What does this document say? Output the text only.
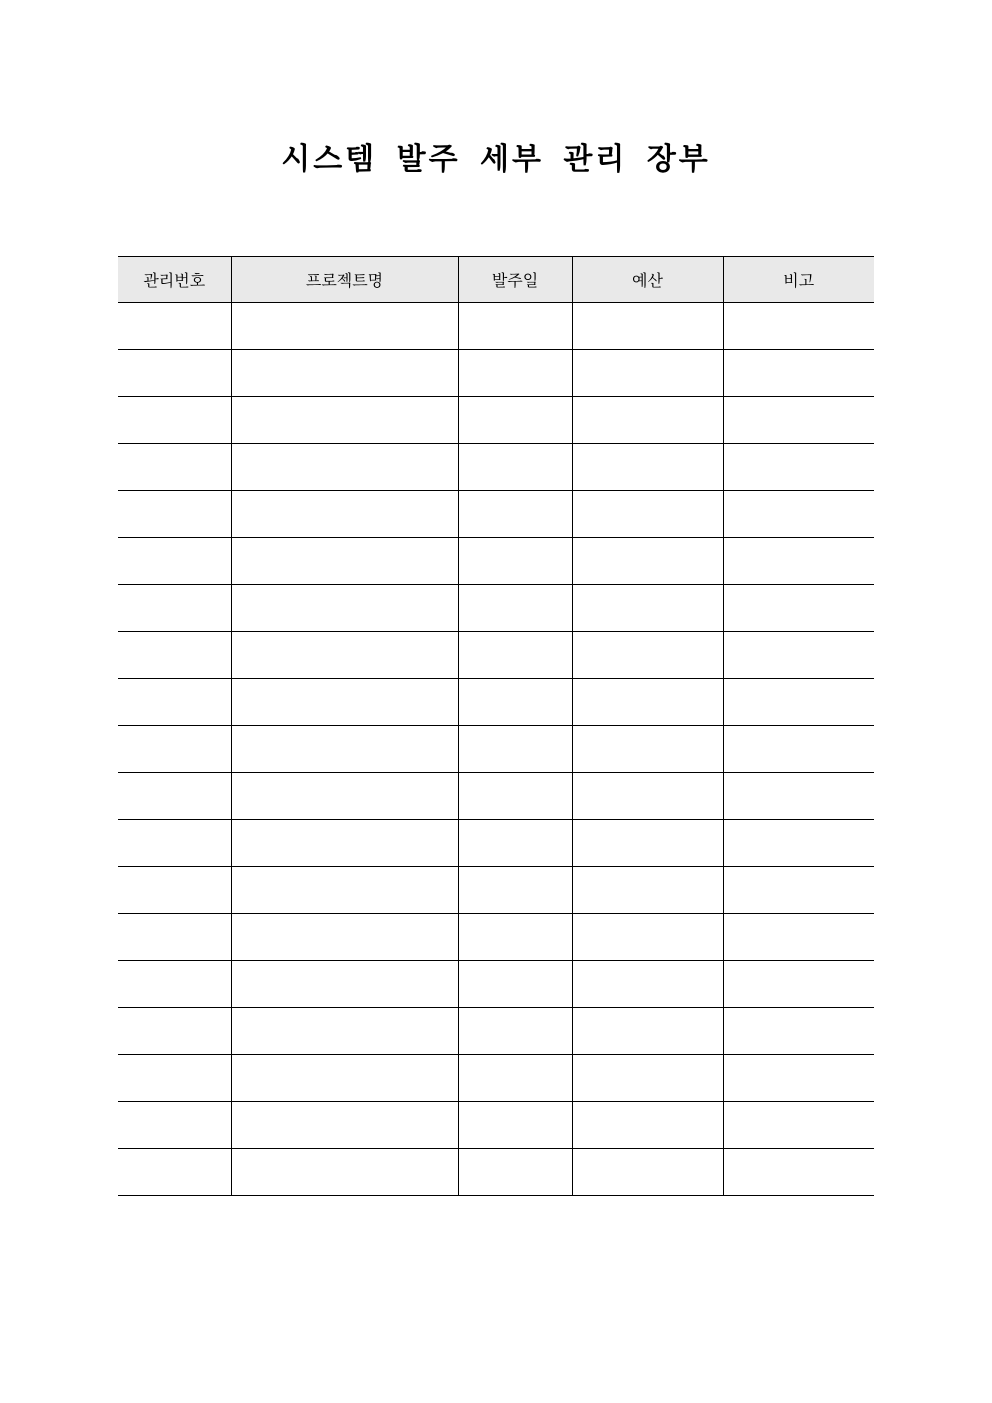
시스템 발주 세부 관리 장부
관리번호	프로젝트명	발주일	예산	비고
